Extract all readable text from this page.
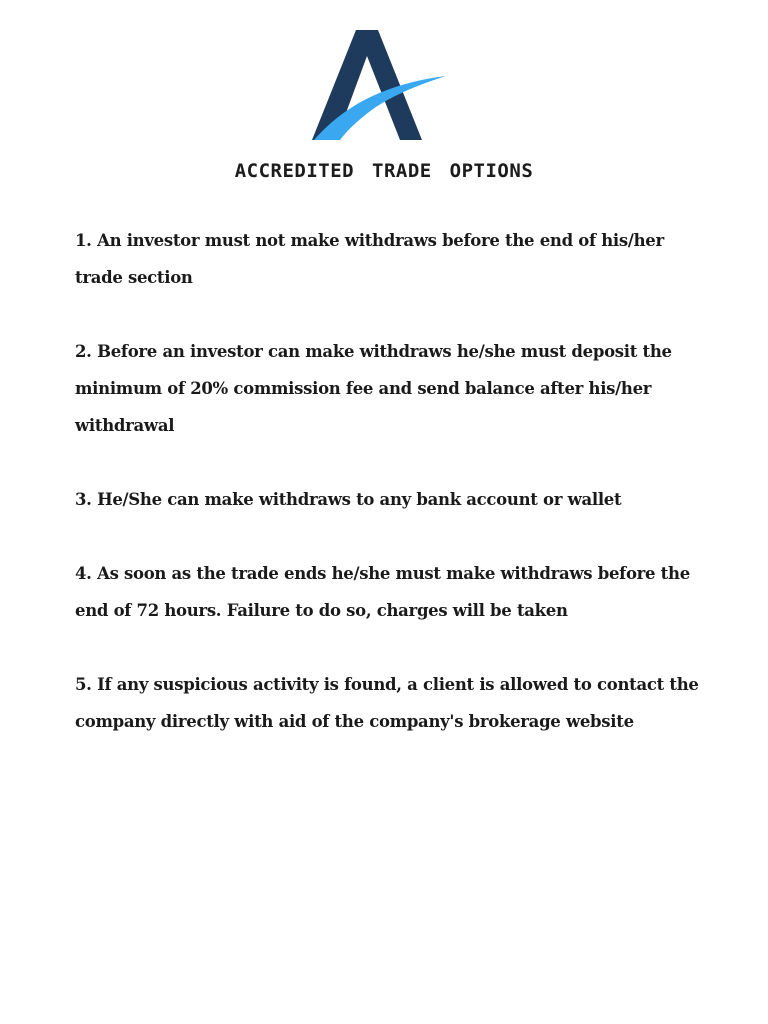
ACCREDITED TRADE OPTIONS
1. An investor must not make withdraws before the end of his/her trade section
2. Before an investor can make withdraws he/she must deposit the minimum of 20% commission fee and send balance after his/her withdrawal
3. He/She can make withdraws to any bank account or wallet
4. As soon as the trade ends he/she must make withdraws before the end of 72 hours. Failure to do so, charges will be taken
5. If any suspicious activity is found, a client is allowed to contact the company directly with aid of the company's brokerage website
